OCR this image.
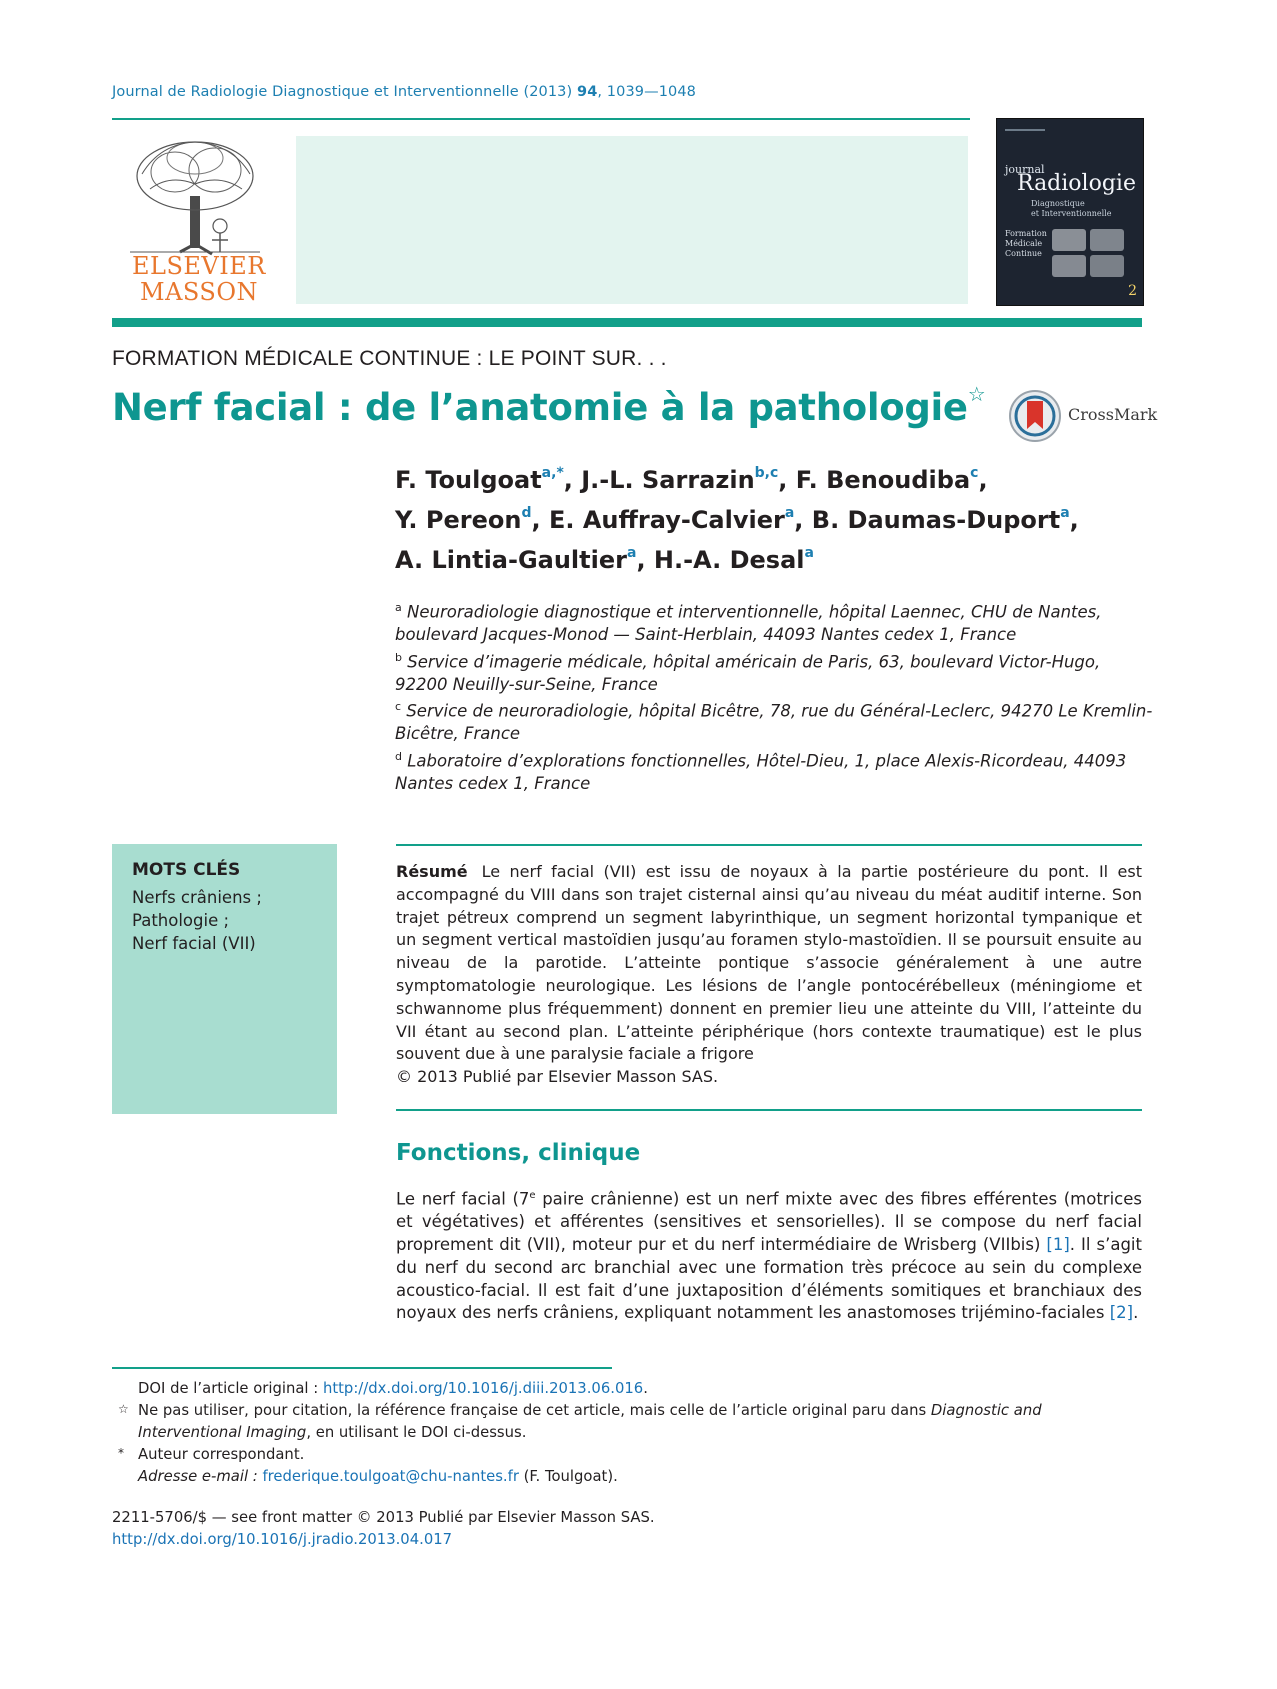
Journal de Radiologie Diagnostique et Interventionnelle (2013) 94, 1039—1048
ELSEVIER
MASSON
journal
Radiologie
Diagnostique
et Interventionnelle
Formation
Médicale
Continue
2
FORMATION MÉDICALE CONTINUE : LE POINT SUR. . .
Nerf facial : de l’anatomie à la pathologie☆
CrossMark
F. Toulgoat$^{a,*}$, J.-L. Sarrazin$^{b,c}$, F. Benoudiba$^c$,
Y. Pereon$^d$, E. Auffray-Calvier$^a$, B. Daumas-Duport$^a$,
A. Lintia-Gaultier$^a$, H.-A. Desal$^a$
$^a$ Neuroradiologie diagnostique et interventionnelle, hôpital Laennec, CHU de Nantes, boulevard Jacques-Monod — Saint-Herblain, 44093 Nantes cedex 1, France
$^b$ Service d’imagerie médicale, hôpital américain de Paris, 63, boulevard Victor-Hugo, 92200 Neuilly-sur-Seine, France
$^c$ Service de neuroradiologie, hôpital Bicêtre, 78, rue du Général-Leclerc, 94270 Le Kremlin-Bicêtre, France
$^d$ Laboratoire d’explorations fonctionnelles, Hôtel-Dieu, 1, place Alexis-Ricordeau, 44093 Nantes cedex 1, France
MOTS CLÉS
Nerfs crâniens ;
Pathologie ;
Nerf facial (VII)
Résumé Le nerf facial (VII) est issu de noyaux à la partie postérieure du pont. Il est accompagné du VIII dans son trajet cisternal ainsi qu’au niveau du méat auditif interne. Son trajet pétreux comprend un segment labyrinthique, un segment horizontal tympanique et un segment vertical mastoïdien jusqu’au foramen stylo-mastoïdien. Il se poursuit ensuite au niveau de la parotide. L’atteinte pontique s’associe généralement à une autre symptomatologie neurologique. Les lésions de l’angle pontocérébelleux (méningiome et schwannome plus fréquemment) donnent en premier lieu une atteinte du VIII, l’atteinte du VII étant au second plan. L’atteinte périphérique (hors contexte traumatique) est le plus souvent due à une paralysie faciale a frigore
© 2013 Publié par Elsevier Masson SAS.
Fonctions, clinique
Le nerf facial (7e paire crânienne) est un nerf mixte avec des fibres efférentes (motrices et végétatives) et afférentes (sensitives et sensorielles). Il se compose du nerf facial proprement dit (VII), moteur pur et du nerf intermédiaire de Wrisberg (VIIbis) [1]. Il s’agit du nerf du second arc branchial avec une formation très précoce au sein du complexe acoustico-facial. Il est fait d’une juxtaposition d’éléments somitiques et branchiaux des noyaux des nerfs crâniens, expliquant notamment les anastomoses trijémino-faciales [2].
DOI de l’article original : http://dx.doi.org/10.1016/j.diii.2013.06.016.
☆ Ne pas utiliser, pour citation, la référence française de cet article, mais celle de l’article original paru dans Diagnostic and Interventional Imaging, en utilisant le DOI ci-dessus.
* Auteur correspondant.
Adresse e-mail : frederique.toulgoat@chu-nantes.fr (F. Toulgoat).
2211-5706/$ — see front matter © 2013 Publié par Elsevier Masson SAS.
http://dx.doi.org/10.1016/j.jradio.2013.04.017
